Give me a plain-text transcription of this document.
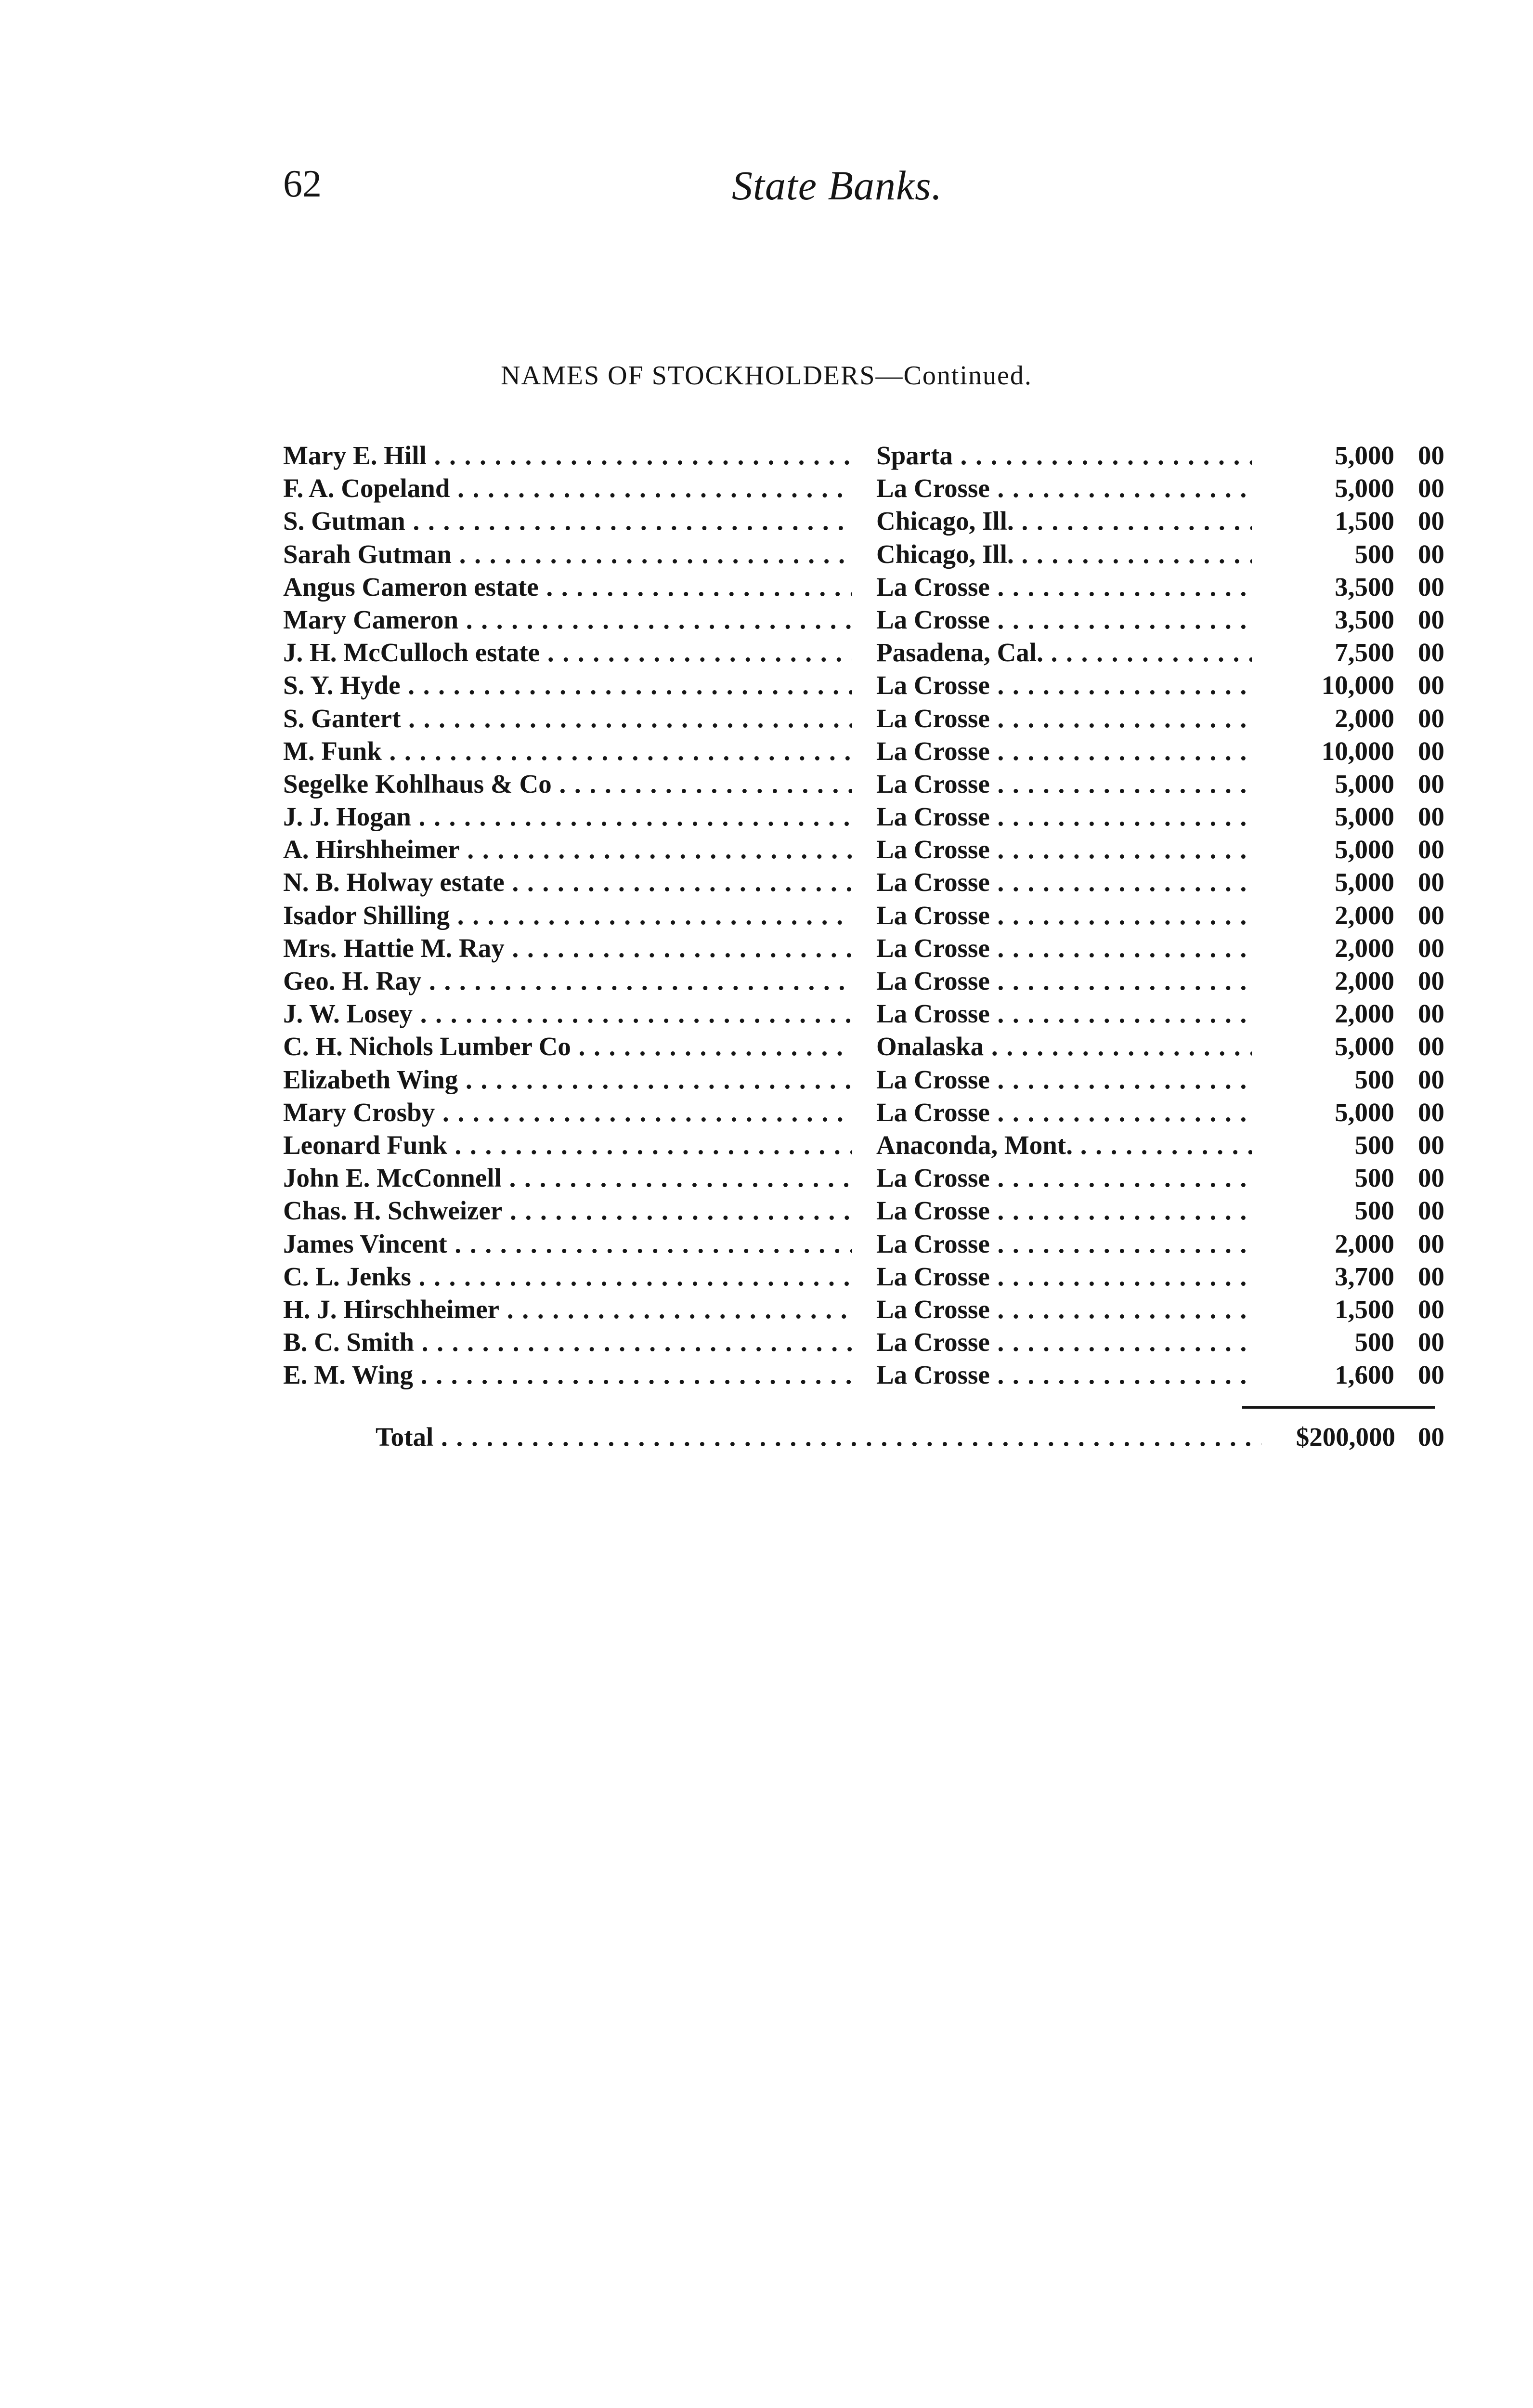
62	State Banks.
NAMES OF STOCKHOLDERS—Continued.
Mary E. Hill . . .	Sparta . . .	5,000 00
F. A. Copeland . . .	La Crosse . . .	5,000 00
S. Gutman . . .	Chicago, Ill. . . .	1,500 00
Sarah Gutman . . .	Chicago, Ill. . . .	500 00
Angus Cameron estate . . .	La Crosse . . .	3,500 00
Mary Cameron . . .	La Crosse . . .	3,500 00
J. H. McCulloch estate . . .	Pasadena, Cal. . . .	7,500 00
S. Y. Hyde . . .	La Crosse . . .	10,000 00
S. Gantert . . .	La Crosse . . .	2,000 00
M. Funk . . .	La Crosse . . .	10,000 00
Segelke Kohlhaus & Co . . .	La Crosse . . .	5,000 00
J. J. Hogan . . .	La Crosse . . .	5,000 00
A. Hirshheimer . . .	La Crosse . . .	5,000 00
N. B. Holway estate . . .	La Crosse . . .	5,000 00
Isador Shilling . . .	La Crosse . . .	2,000 00
Mrs. Hattie M. Ray . . .	La Crosse . . .	2,000 00
Geo. H. Ray . . .	La Crosse . . .	2,000 00
J. W. Losey . . .	La Crosse . . .	2,000 00
C. H. Nichols Lumber Co . . .	Onalaska . . .	5,000 00
Elizabeth Wing . . .	La Crosse . . .	500 00
Mary Crosby . . .	La Crosse . . .	5,000 00
Leonard Funk . . .	Anaconda, Mont. . . .	500 00
John E. McConnell . . .	La Crosse . . .	500 00
Chas. H. Schweizer . . .	La Crosse . . .	500 00
James Vincent . . .	La Crosse . . .	2,000 00
C. L. Jenks . . .	La Crosse . . .	3,700 00
H. J. Hirschheimer . . .	La Crosse . . .	1,500 00
B. C. Smith . . .	La Crosse . . .	500 00
E. M. Wing . . .	La Crosse . . .	1,600 00
Total . . .	$200,000 00
